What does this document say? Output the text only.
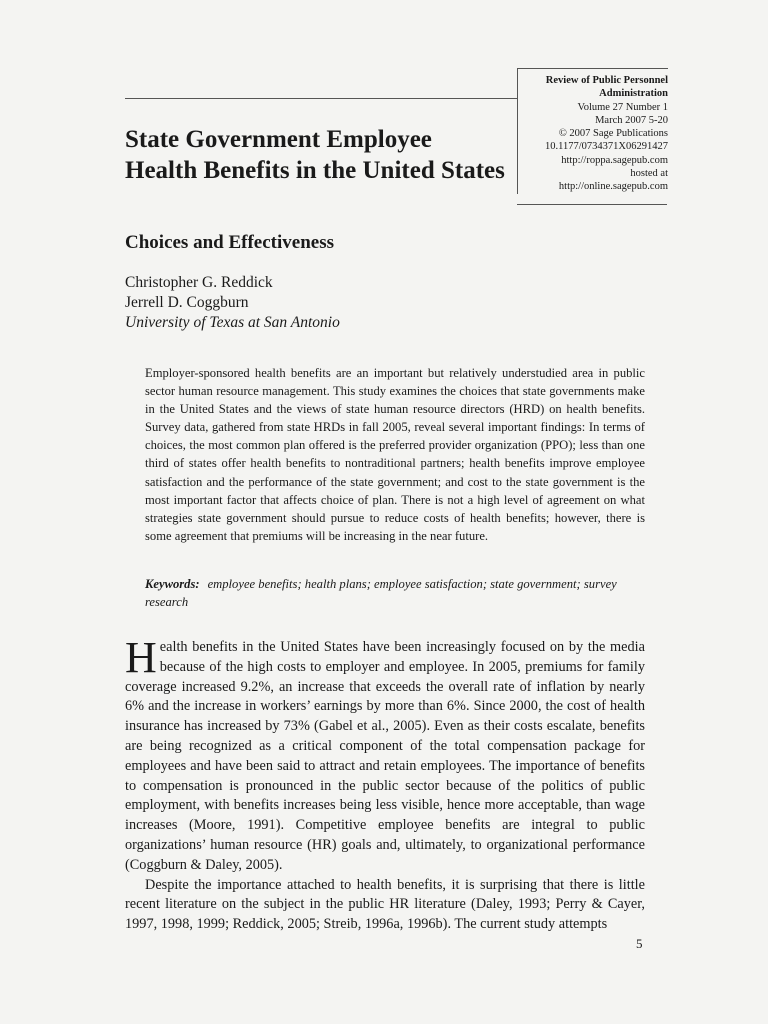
Review of Public Personnel
Administration
Volume 27 Number 1
March 2007 5-20
© 2007 Sage Publications
10.1177/0734371X06291427
http://roppa.sagepub.com
hosted at
http://online.sagepub.com
State Government Employee Health Benefits in the United States
Choices and Effectiveness
Christopher G. Reddick
Jerrell D. Coggburn
University of Texas at San Antonio

Employer-sponsored health benefits are an important but relatively understudied area in public sector human resource management. This study examines the choices that state governments make in the United States and the views of state human resource directors (HRD) on health benefits. Survey data, gathered from state HRDs in fall 2005, reveal several important findings: In terms of choices, the most common plan offered is the preferred provider organization (PPO); less than one third of states offer health benefits to nontraditional partners; health benefits improve employee satisfaction and the performance of the state government; and cost to the state government is the most important factor that affects choice of plan. There is not a high level of agreement on what strategies state government should pursue to reduce costs of health benefits; however, there is some agreement that premiums will be increasing in the near future.

Keywords: employee benefits; health plans; employee satisfaction; state government; survey research

Health benefits in the United States have been increasingly focused on by the media because of the high costs to employer and employee. In 2005, premiums for family coverage increased 9.2%, an increase that exceeds the overall rate of inflation by nearly 6% and the increase in workers’ earnings by more than 6%. Since 2000, the cost of health insurance has increased by 73% (Gabel et al., 2005). Even as their costs escalate, benefits are being recognized as a critical component of the total compensation package for employees and have been said to attract and retain employees. The importance of benefits to compensation is pronounced in the public sector because of the politics of public employment, with benefits increases being less visible, hence more acceptable, than wage increases (Moore, 1991). Competitive employee benefits are integral to public organizations’ human resource (HR) goals and, ultimately, to organizational performance (Coggburn & Daley, 2005).

Despite the importance attached to health benefits, it is surprising that there is little recent literature on the subject in the public HR literature (Daley, 1993; Perry & Cayer, 1997, 1998, 1999; Reddick, 2005; Streib, 1996a, 1996b). The current study attempts

5
